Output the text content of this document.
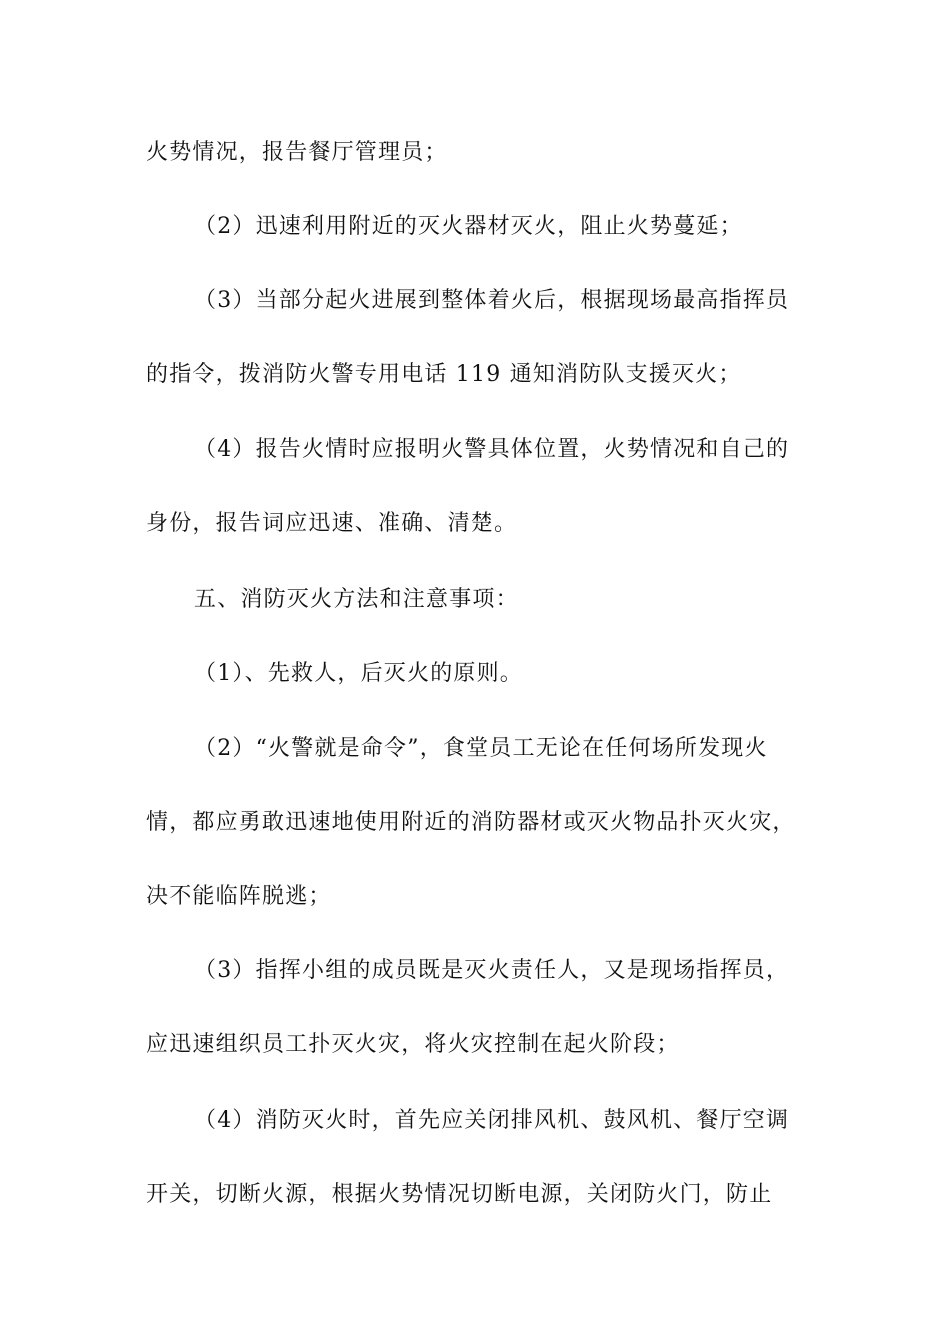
火势情况，报告餐厅管理员；
（2）迅速利用附近的灭火器材灭火，阻止火势蔓延；
（3）当部分起火进展到整体着火后，根据现场最高指挥员
的指令，拨消防火警专用电话 119 通知消防队支援灭火；
（4）报告火情时应报明火警具体位置，火势情况和自己的
身份，报告词应迅速、准确、清楚。
五、消防灭火方法和注意事项：
（1）、先救人，后灭火的原则。
（2）“火警就是命令”，食堂员工无论在任何场所发现火
情，都应勇敢迅速地使用附近的消防器材或灭火物品扑灭火灾，
决不能临阵脱逃；
（3）指挥小组的成员既是灭火责任人，又是现场指挥员，
应迅速组织员工扑灭火灾，将火灾控制在起火阶段；
（4）消防灭火时，首先应关闭排风机、鼓风机、餐厅空调
开关，切断火源，根据火势情况切断电源，关闭防火门，防止
